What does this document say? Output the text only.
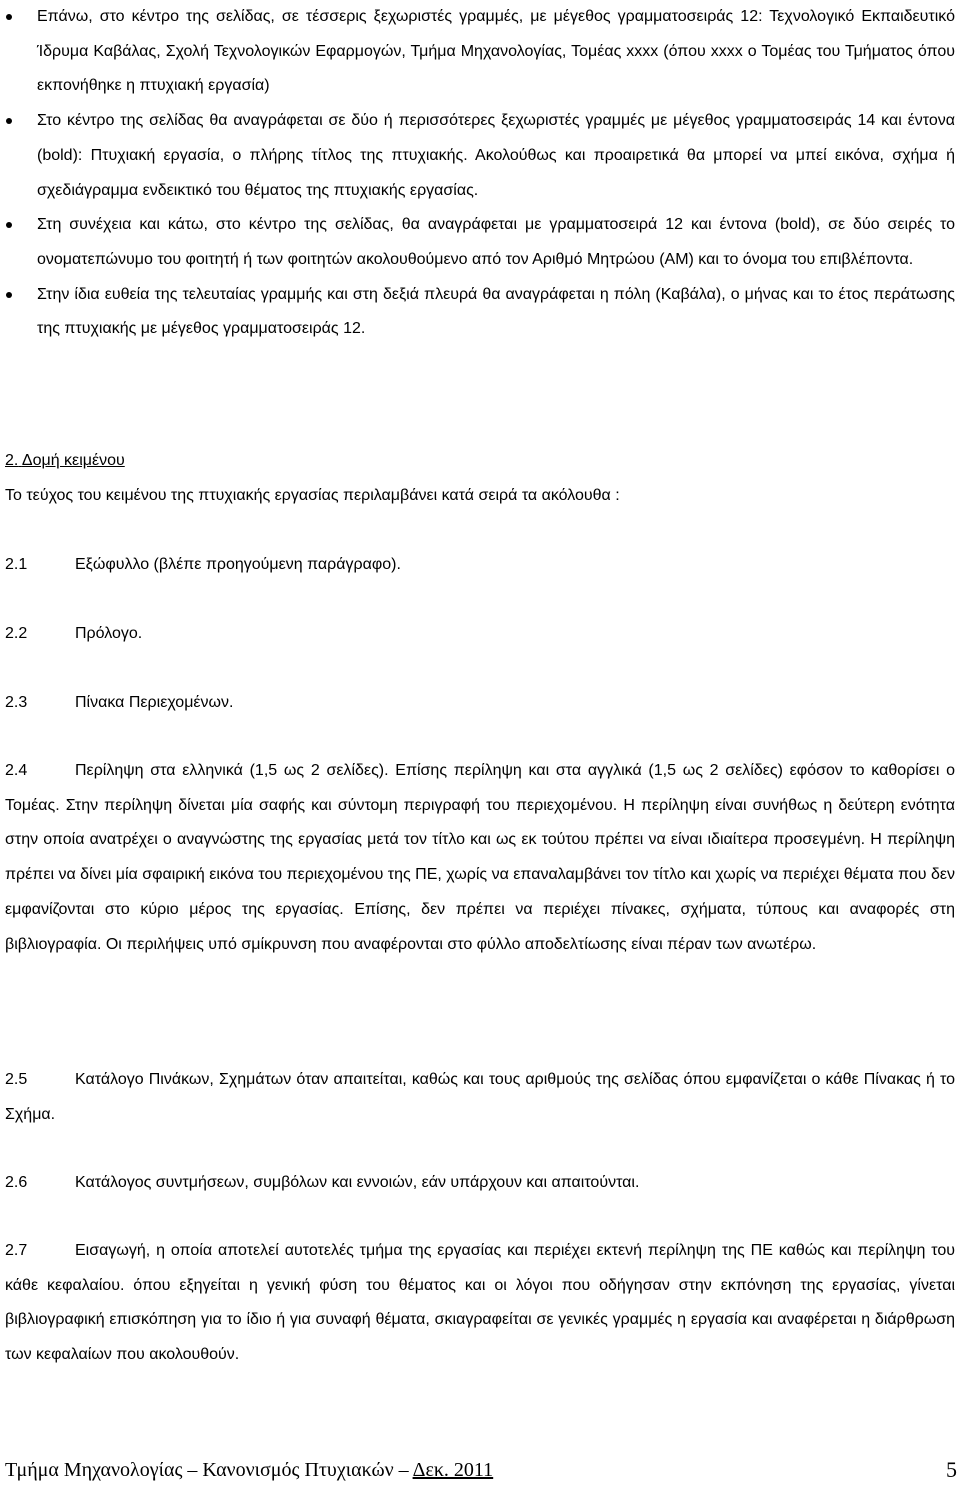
Επάνω, στο κέντρο της σελίδας, σε τέσσερις ξεχωριστές γραμμές, με μέγεθος γραμματοσειράς 12: Τεχνολογικό Εκπαιδευτικό Ίδρυμα Καβάλας, Σχολή Τεχνολογικών Εφαρμογών, Τμήμα Μηχανολογίας, Τομέας xxxx (όπου xxxx ο Τομέας του Τμήματος όπου εκπονήθηκε η πτυχιακή εργασία)

Στο κέντρο της σελίδας θα αναγράφεται σε δύο ή περισσότερες ξεχωριστές γραμμές με μέγεθος γραμματοσειράς 14 και έντονα (bold): Πτυχιακή εργασία, ο πλήρης τίτλος της πτυχιακής. Ακολούθως και προαιρετικά θα μπορεί να μπεί εικόνα, σχήμα ή σχεδιάγραμμα ενδεικτικό του θέματος της πτυχιακής εργασίας.

Στη συνέχεια και κάτω, στο κέντρο της σελίδας, θα αναγράφεται με γραμματοσειρά 12 και έντονα (bold), σε δύο σειρές το ονοματεπώνυμο του φοιτητή ή των φοιτητών ακολουθούμενο από τον Αριθμό Μητρώου (ΑΜ) και το όνομα του επιβλέποντα.

Στην ίδια ευθεία της τελευταίας γραμμής και στη δεξιά πλευρά θα αναγράφεται η πόλη (Καβάλα), ο μήνας και το έτος περάτωσης της πτυχιακής με μέγεθος γραμματοσειράς 12.

2. Δομή κειμένου

Το τεύχος του κειμένου της πτυχιακής εργασίας περιλαμβάνει κατά σειρά τα ακόλουθα :

2.1	Εξώφυλλο (βλέπε προηγούμενη παράγραφο).

2.2	Πρόλογο.

2.3	Πίνακα Περιεχομένων.

2.4	Περίληψη στα ελληνικά (1,5 ως 2 σελίδες). Επίσης περίληψη και στα αγγλικά (1,5 ως 2 σελίδες) εφόσον το καθορίσει ο Τομέας. Στην περίληψη δίνεται μία σαφής και σύντομη περιγραφή του περιεχομένου. Η περίληψη είναι συνήθως η δεύτερη ενότητα στην οποία ανατρέχει ο αναγνώστης της εργασίας μετά τον τίτλο και ως εκ τούτου πρέπει να είναι ιδιαίτερα προσεγμένη. Η περίληψη πρέπει να δίνει μία σφαιρική εικόνα του περιεχομένου της ΠΕ, χωρίς να επαναλαμβάνει τον τίτλο και χωρίς να περιέχει θέματα που δεν εμφανίζονται στο κύριο μέρος της εργασίας. Επίσης, δεν πρέπει να περιέχει πίνακες, σχήματα, τύπους και αναφορές στη βιβλιογραφία. Οι περιλήψεις υπό σμίκρυνση που αναφέρονται στο φύλλο αποδελτίωσης είναι πέραν των ανωτέρω.

2.5	Κατάλογο Πινάκων, Σχημάτων όταν απαιτείται, καθώς και τους αριθμούς της σελίδας όπου εμφανίζεται ο κάθε Πίνακας ή το Σχήμα.

2.6	Κατάλογος συντμήσεων, συμβόλων και εννοιών, εάν υπάρχουν και απαιτούνται.

2.7	Εισαγωγή, η οποία αποτελεί αυτοτελές τμήμα της εργασίας και περιέχει εκτενή περίληψη της ΠΕ καθώς και περίληψη του κάθε κεφαλαίου. όπου εξηγείται η γενική φύση του θέματος και οι λόγοι που οδήγησαν στην εκπόνηση της εργασίας, γίνεται βιβλιογραφική επισκόπηση για το ίδιο ή για συναφή θέματα, σκιαγραφείται σε γενικές γραμμές η εργασία και αναφέρεται η διάρθρωση των κεφαλαίων που ακολουθούν.

Τμήμα Μηχανολογίας – Κανονισμός Πτυχιακών – Δεκ. 2011	5
